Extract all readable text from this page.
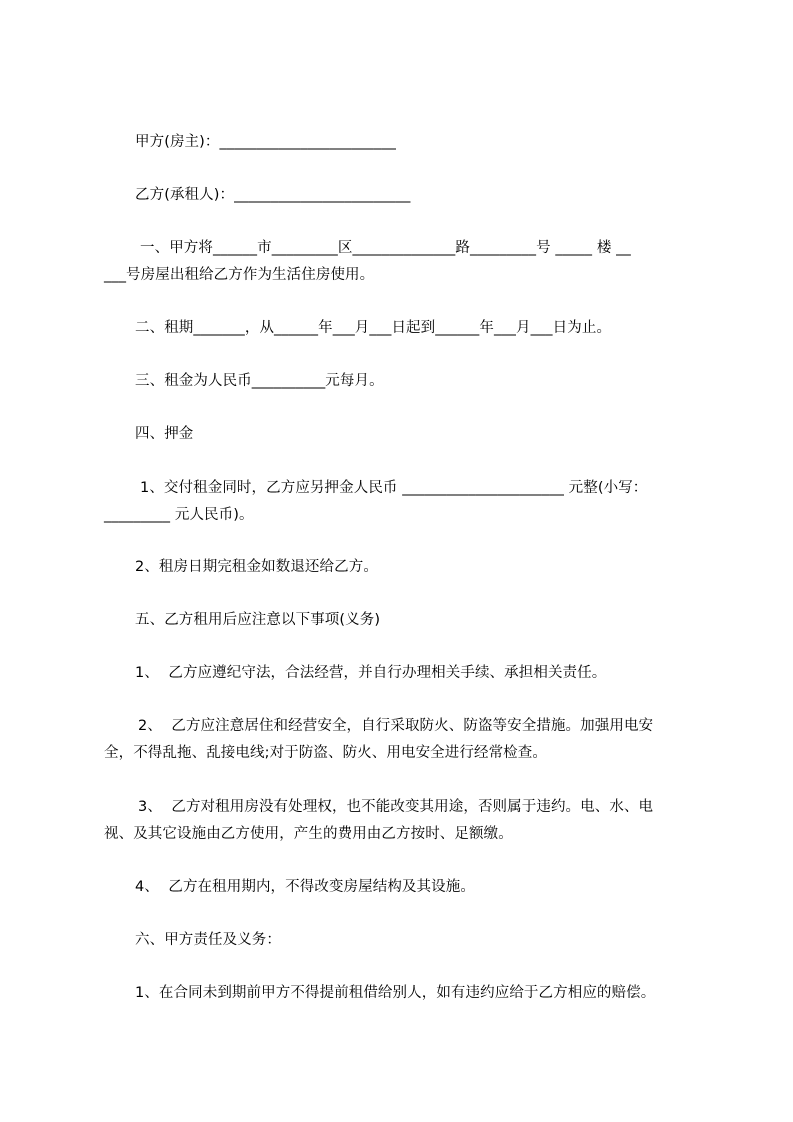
甲方(房主)：________________________
乙方(承租人)：________________________
一、甲方将______市_________区______________路_________号 _____ 楼 __
___号房屋出租给乙方作为生活住房使用。
二、租期_______，从______年___月___日起到______年___月___日为止。
三、租金为人民币__________元每月。
四、押金
1、交付租金同时，乙方应另押金人民币 ______________________ 元整(小写：
_________ 元人民币)。
2、租房日期完租金如数退还给乙方。
五、乙方租用后应注意以下事项(义务)
1、  乙方应遵纪守法，合法经营，并自行办理相关手续、承担相关责任。
2、  乙方应注意居住和经营安全，自行采取防火、防盗等安全措施。加强用电安
全，不得乱拖、乱接电线;对于防盗、防火、用电安全进行经常检查。
3、  乙方对租用房没有处理权，也不能改变其用途，否则属于违约。电、水、电
视、及其它设施由乙方使用，产生的费用由乙方按时、足额缴。
4、  乙方在租用期内，不得改变房屋结构及其设施。
六、甲方责任及义务：
1、在合同未到期前甲方不得提前租借给别人，如有违约应给于乙方相应的赔偿。
